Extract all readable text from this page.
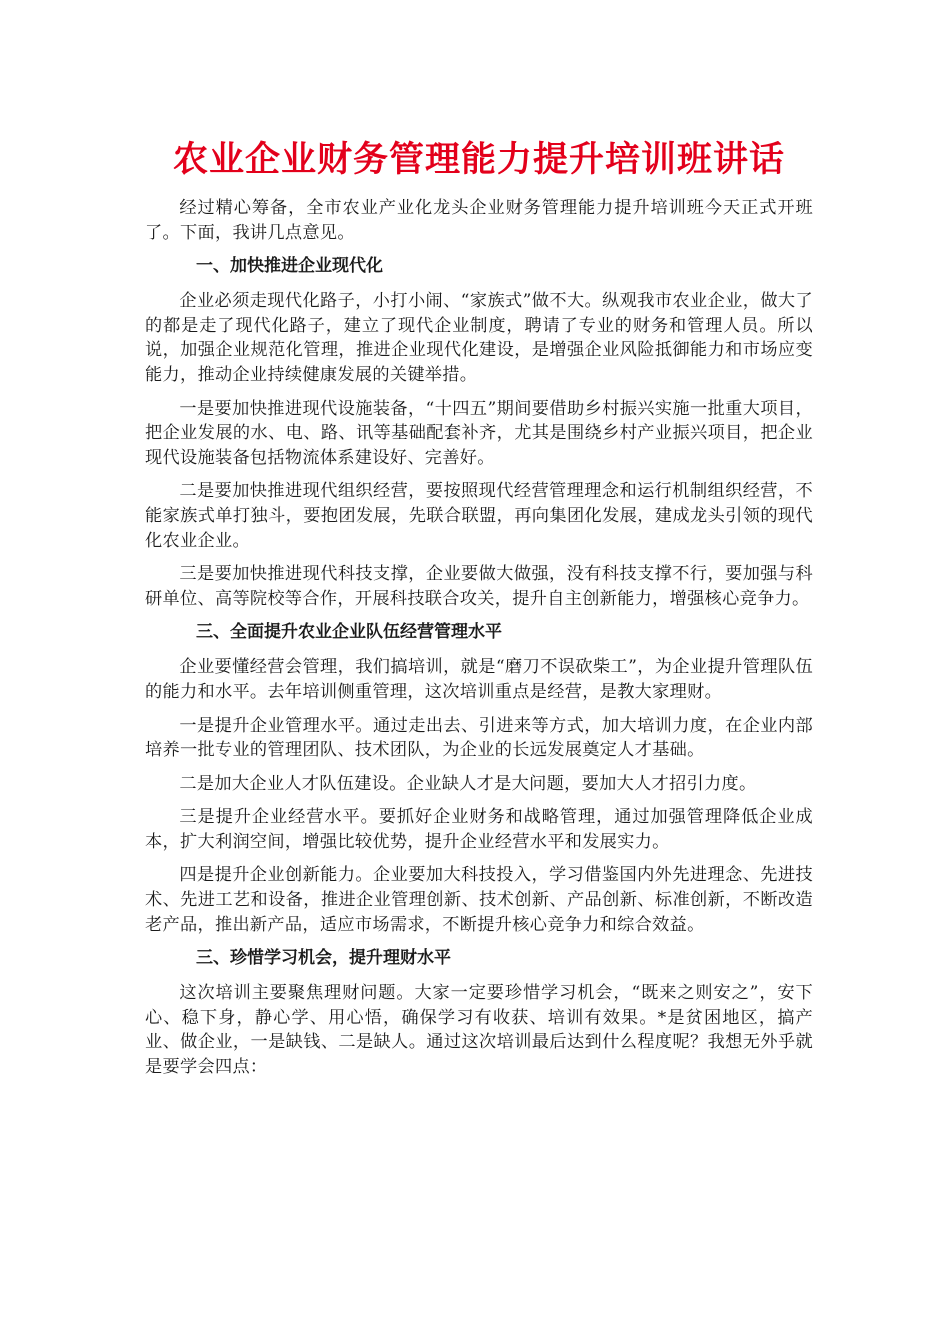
农业企业财务管理能力提升培训班讲话

经过精心筹备，全市农业产业化龙头企业财务管理能力提升培训班今天正式开班了。下面，我讲几点意见。

一、加快推进企业现代化

企业必须走现代化路子，小打小闹、“家族式”做不大。纵观我市农业企业，做大了的都是走了现代化路子，建立了现代企业制度，聘请了专业的财务和管理人员。所以说，加强企业规范化管理，推进企业现代化建设，是增强企业风险抵御能力和市场应变能力，推动企业持续健康发展的关键举措。

一是要加快推进现代设施装备，“十四五”期间要借助乡村振兴实施一批重大项目，把企业发展的水、电、路、讯等基础配套补齐，尤其是围绕乡村产业振兴项目，把企业现代设施装备包括物流体系建设好、完善好。

二是要加快推进现代组织经营，要按照现代经营管理理念和运行机制组织经营，不能家族式单打独斗，要抱团发展，先联合联盟，再向集团化发展，建成龙头引领的现代化农业企业。

三是要加快推进现代科技支撑，企业要做大做强，没有科技支撑不行，要加强与科研单位、高等院校等合作，开展科技联合攻关，提升自主创新能力，增强核心竞争力。

三、全面提升农业企业队伍经营管理水平

企业要懂经营会管理，我们搞培训，就是“磨刀不误砍柴工”，为企业提升管理队伍的能力和水平。去年培训侧重管理，这次培训重点是经营，是教大家理财。

一是提升企业管理水平。通过走出去、引进来等方式，加大培训力度，在企业内部培养一批专业的管理团队、技术团队，为企业的长远发展奠定人才基础。

二是加大企业人才队伍建设。企业缺人才是大问题，要加大人才招引力度。

三是提升企业经营水平。要抓好企业财务和战略管理，通过加强管理降低企业成本，扩大利润空间，增强比较优势，提升企业经营水平和发展实力。

四是提升企业创新能力。企业要加大科技投入，学习借鉴国内外先进理念、先进技术、先进工艺和设备，推进企业管理创新、技术创新、产品创新、标准创新，不断改造老产品，推出新产品，适应市场需求，不断提升核心竞争力和综合效益。

三、珍惜学习机会，提升理财水平

这次培训主要聚焦理财问题。大家一定要珍惜学习机会，“既来之则安之”，安下心、稳下身，静心学、用心悟，确保学习有收获、培训有效果。*是贫困地区，搞产业、做企业，一是缺钱、二是缺人。通过这次培训最后达到什么程度呢？我想无外乎就是要学会四点：
